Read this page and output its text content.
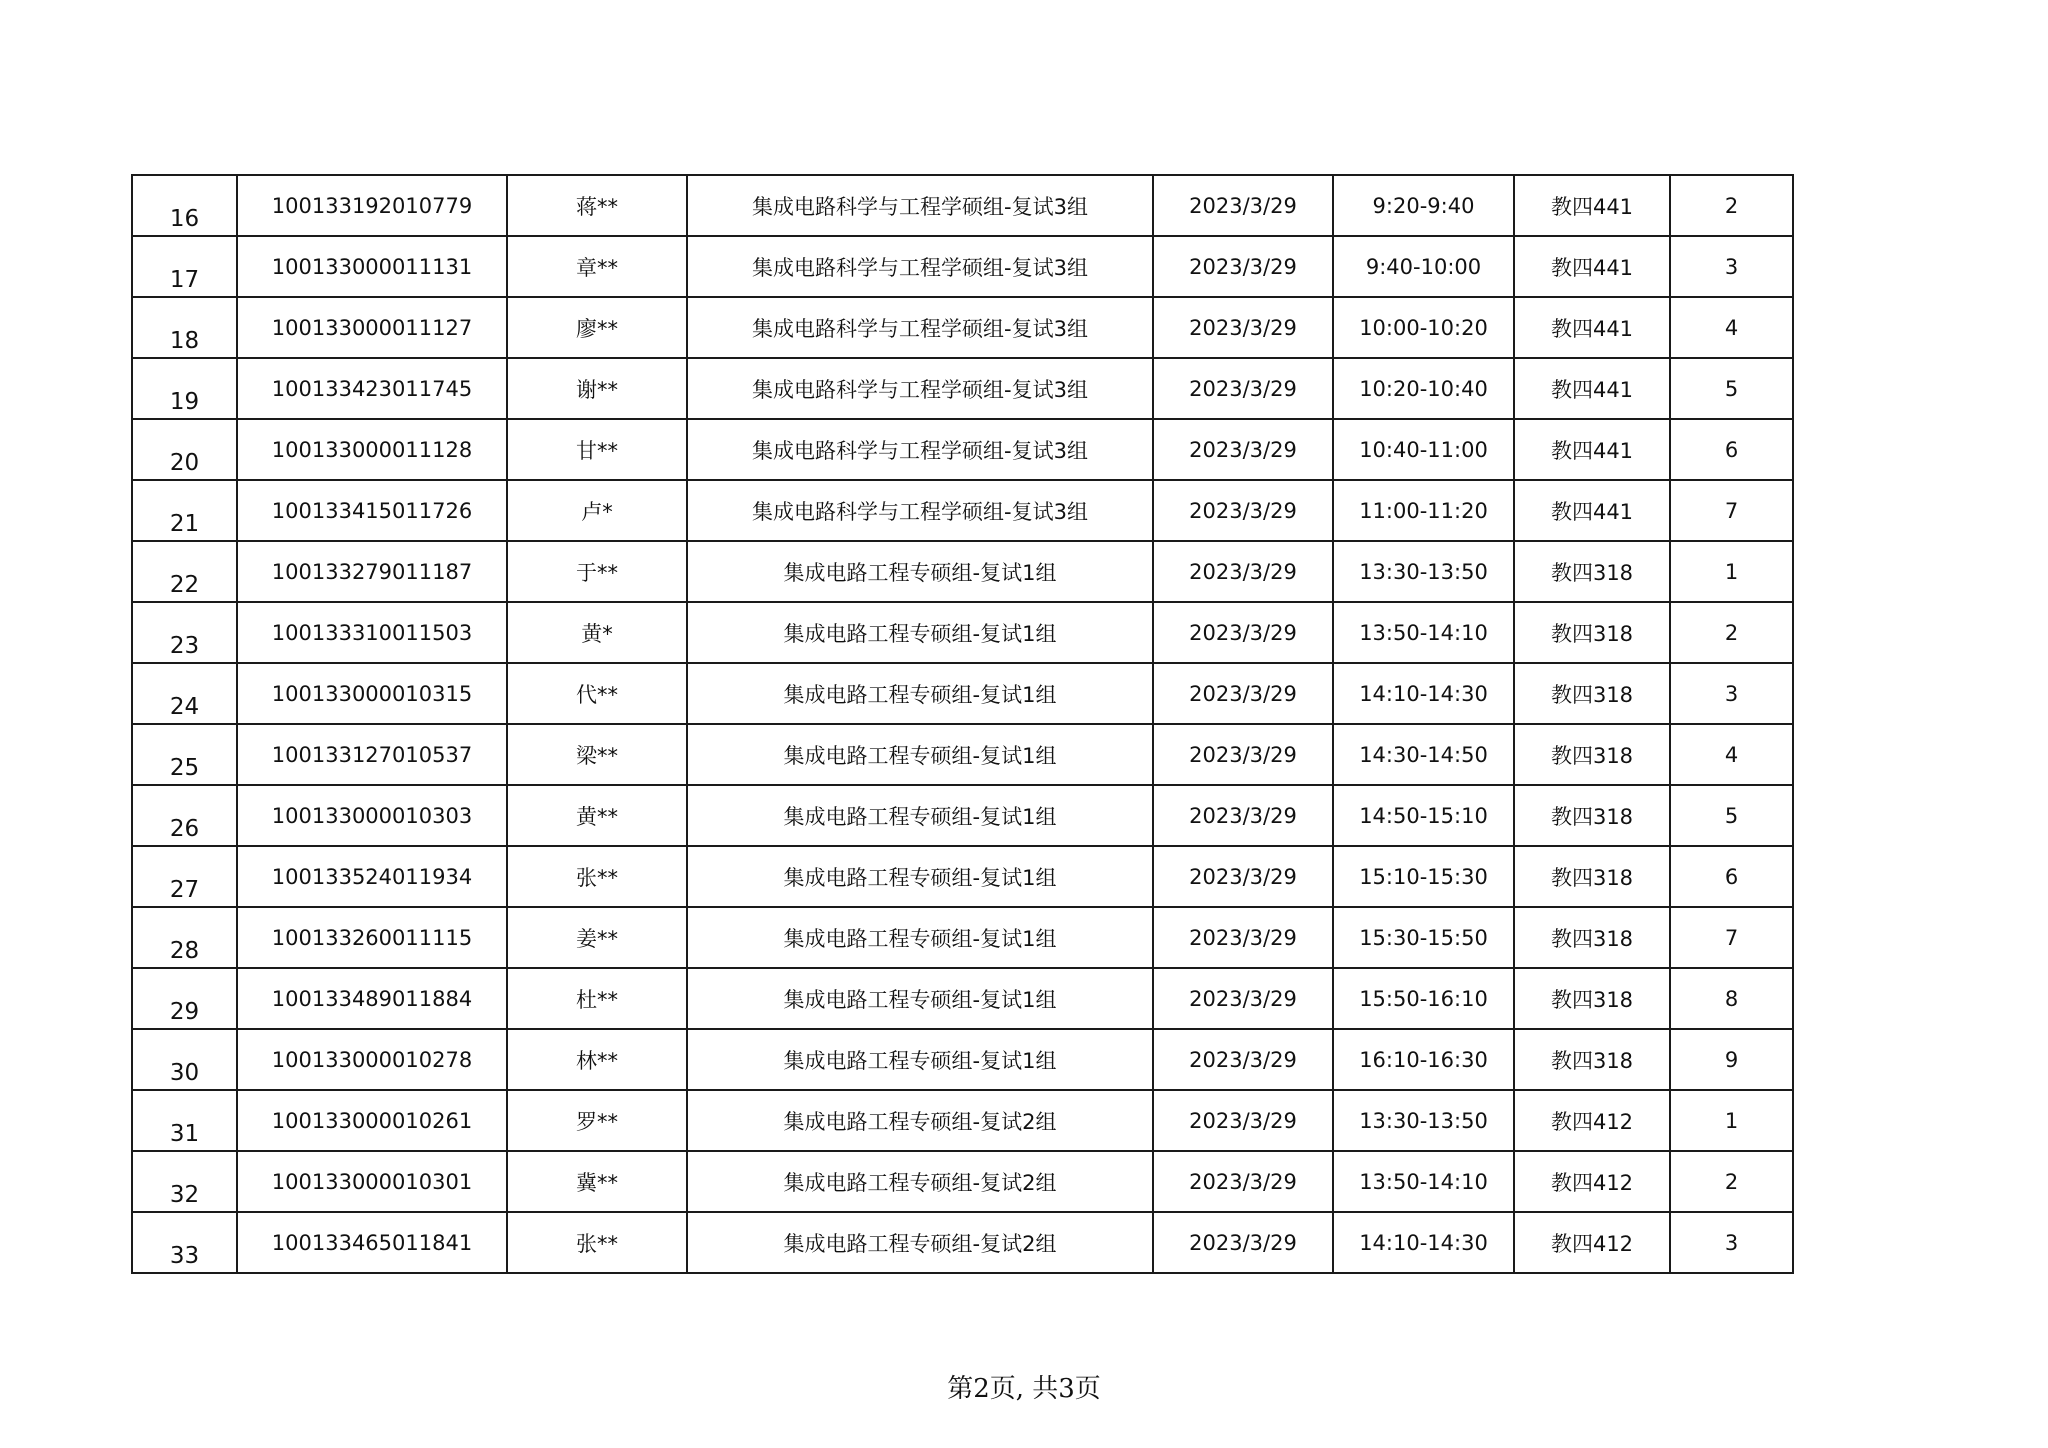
16	100133192010779	蒋**	集成电路科学与工程学硕组-复试3组	2023/3/29	9:20-9:40	教四441	2
17	100133000011131	章**	集成电路科学与工程学硕组-复试3组	2023/3/29	9:40-10:00	教四441	3
18	100133000011127	廖**	集成电路科学与工程学硕组-复试3组	2023/3/29	10:00-10:20	教四441	4
19	100133423011745	谢**	集成电路科学与工程学硕组-复试3组	2023/3/29	10:20-10:40	教四441	5
20	100133000011128	甘**	集成电路科学与工程学硕组-复试3组	2023/3/29	10:40-11:00	教四441	6
21	100133415011726	卢*	集成电路科学与工程学硕组-复试3组	2023/3/29	11:00-11:20	教四441	7
22	100133279011187	于**	集成电路工程专硕组-复试1组	2023/3/29	13:30-13:50	教四318	1
23	100133310011503	黄*	集成电路工程专硕组-复试1组	2023/3/29	13:50-14:10	教四318	2
24	100133000010315	代**	集成电路工程专硕组-复试1组	2023/3/29	14:10-14:30	教四318	3
25	100133127010537	梁**	集成电路工程专硕组-复试1组	2023/3/29	14:30-14:50	教四318	4
26	100133000010303	黄**	集成电路工程专硕组-复试1组	2023/3/29	14:50-15:10	教四318	5
27	100133524011934	张**	集成电路工程专硕组-复试1组	2023/3/29	15:10-15:30	教四318	6
28	100133260011115	姜**	集成电路工程专硕组-复试1组	2023/3/29	15:30-15:50	教四318	7
29	100133489011884	杜**	集成电路工程专硕组-复试1组	2023/3/29	15:50-16:10	教四318	8
30	100133000010278	林**	集成电路工程专硕组-复试1组	2023/3/29	16:10-16:30	教四318	9
31	100133000010261	罗**	集成电路工程专硕组-复试2组	2023/3/29	13:30-13:50	教四412	1
32	100133000010301	冀**	集成电路工程专硕组-复试2组	2023/3/29	13:50-14:10	教四412	2
33	100133465011841	张**	集成电路工程专硕组-复试2组	2023/3/29	14:10-14:30	教四412	3
第2页, 共3页
